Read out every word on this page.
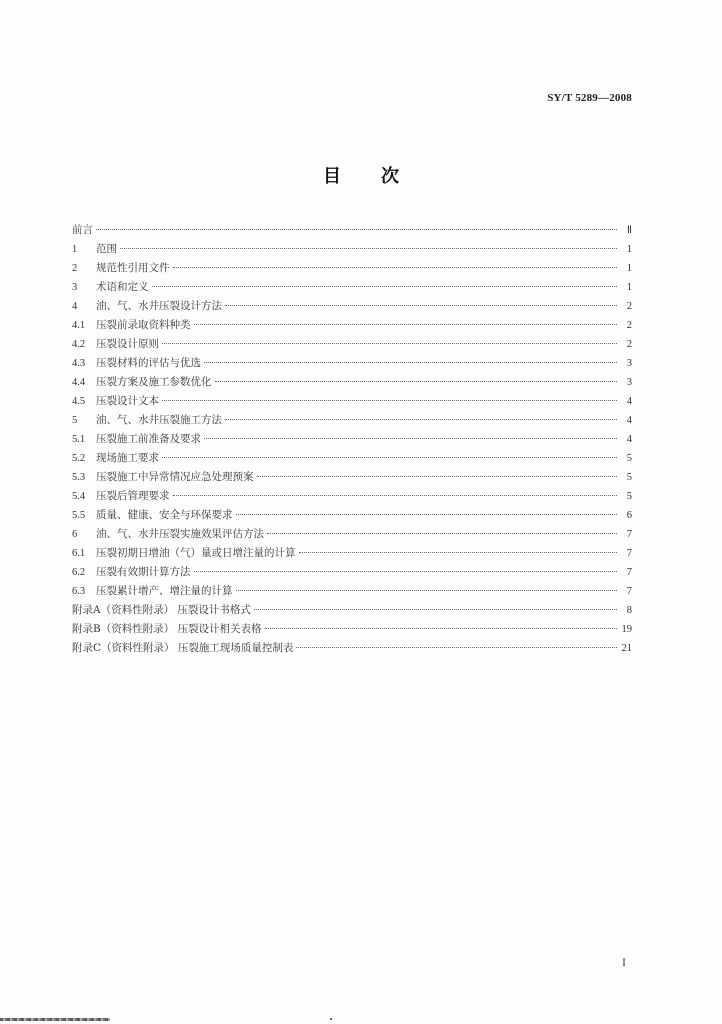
SY/T 5289—2008
目 次
前言	Ⅱ
1	范围	1
2	规范性引用文件	1
3	术语和定义	1
4	油、气、水井压裂设计方法	2
4.1	压裂前录取资料种类	2
4.2	压裂设计原则	2
4.3	压裂材料的评估与优选	3
4.4	压裂方案及施工参数优化	3
4.5	压裂设计文本	4
5	油、气、水井压裂施工方法	4
5.1	压裂施工前准备及要求	4
5.2	现场施工要求	5
5.3	压裂施工中异常情况应急处理预案	5
5.4	压裂后管理要求	5
5.5	质量、健康、安全与环保要求	6
6	油、气、水井压裂实施效果评估方法	7
6.1	压裂初期日增油（气）量或日增注量的计算	7
6.2	压裂有效期计算方法	7
6.3	压裂累计增产、增注量的计算	7
附录A（资料性附录） 压裂设计书格式	8
附录B（资料性附录） 压裂设计相关表格	19
附录C（资料性附录） 压裂施工现场质量控制表	21
I
